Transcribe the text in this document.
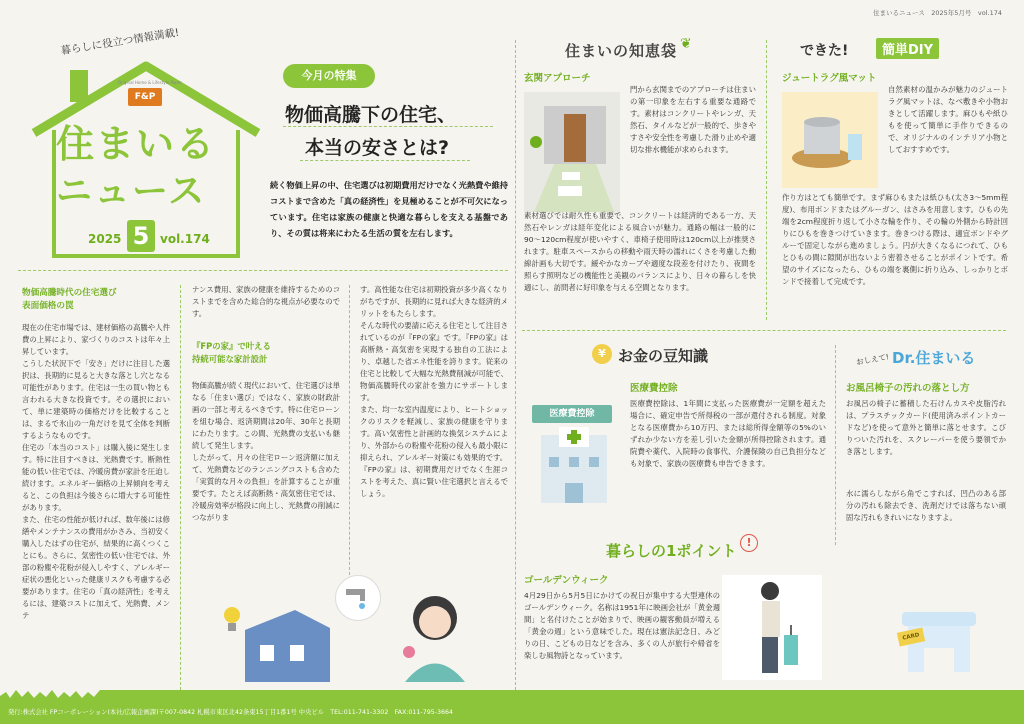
暮らしに役立つ情報満載!
Original Home & Lifestyle Paper
F&P
住まいる
ニュース
2025 5 vol.174
住まいるニュース　2025年5月号　vol.174
今月の特集
物価高騰下の住宅、
本当の安さとは?
続く物価上昇の中、住宅選びは初期費用だけでなく光熱費や維持コストまで含めた「真の経済性」を見極めることが不可欠になっています。住宅は家族の健康と快適な暮らしを支える基盤であり、その質は将来にわたる生活の質を左右します。
物価高騰時代の住宅選び
表面価格の罠
現在の住宅市場では、建材価格の高騰や人件費の上昇により、家づくりのコストは年々上昇しています。
こうした状況下で「安さ」だけに注目した選択は、長期的に見ると大きな落とし穴となる可能性があります。住宅は一生の買い物とも言われる大きな投資です。その選択において、単に建築時の価格だけを比較することは、まるで氷山の一角だけを見て全体を判断するようなものです。
住宅の「本当のコスト」は購入後に発生します。特に注目すべきは、光熱費です。断熱性能の低い住宅では、冷暖房費が家計を圧迫し続けます。エネルギー価格の上昇傾向を考えると、この負担は今後さらに増大する可能性があります。
また、住宅の性能が低ければ、数年後には修繕やメンテナンスの費用がかさみ、当初安く購入したはずの住宅が、結果的に高くつくことにも。さらに、気密性の低い住宅では、外部の粉塵や花粉が侵入しやすく、アレルギー症状の悪化といった健康リスクも考慮する必要があります。住宅の「真の経済性」を考えるには、建築コストに加えて、光熱費、メンテ
ナンス費用、家族の健康を維持するためのコストまでを含めた総合的な視点が必要なのです。
『FPの家』で叶える
持続可能な家計設計
物価高騰が続く現代において、住宅選びは単なる「住まい選び」ではなく、家族の財政計画の一部と考えるべきです。特に住宅ローンを組む場合、返済期間は20年、30年と長期にわたります。この間、光熱費の支払いも継続して発生します。
したがって、月々の住宅ローン返済額に加えて、光熱費などのランニングコストも含めた「実質的な月々の負担」を計算することが重要です。たとえば高断熱・高気密住宅では、冷暖房効率が格段に向上し、光熱費の削減につながりま
す。高性能な住宅は初期投資が多少高くなりがちですが、長期的に見れば大きな経済的メリットをもたらします。
そんな時代の要請に応える住宅として注目されているのが『FPの家』です。『FPの家』は高断熱・高気密を実現する独自の工法により、卓越した省エネ性能を誇ります。従来の住宅と比較して大幅な光熱費削減が可能で、物価高騰時代の家計を強力にサポートします。
また、均一な室内温度により、ヒートショックのリスクを軽減し、家族の健康を守ります。高い気密性と計画的な換気システムにより、外部からの粉塵や花粉の侵入も最小限に抑えられ、アレルギー対策にも効果的です。
『FPの家』は、初期費用だけでなく生涯コストを考えた、真に賢い住宅選択と言えるでしょう。
住まいの知恵袋 ❦
玄関アプローチ
門から玄関までのアプローチは住まいの第一印象を左右する重要な通路です。素材はコンクリートやレンガ、天然石、タイルなどが一般的で、歩きやすさや安全性を考慮した滑り止めや適切な排水機能が求められます。
素材選びでは耐久性も重要で、コンクリートは経済的である一方、天然石やレンガは経年変化による風合いが魅力。通路の幅は一般的に90〜120cm程度が使いやすく、車椅子使用時は120cm以上が推奨されます。駐車スペースからの移動や雨天時の濡れにくさを考慮した動線計画も大切です。緩やかなカーブや適度な段差を付けたり、夜間を照らす照明などの機能性と美観のバランスにより、日々の暮らしを快適にし、訪問者に好印象を与える空間となります。
できた!	簡単DIY
ジュートラグ風マット
自然素材の温かみが魅力のジュートラグ風マットは、なべ敷きや小物おきとして活躍します。麻ひもや紙ひもを使って簡単に手作りできるので、オリジナルのインテリア小物としておすすめです。
作り方はとても簡単です。まず麻ひもまたは紙ひも(太さ3〜5mm程度)、布用ボンドまたはグルーガン、はさみを用意します。ひもの先端を2cm程度折り返して小さな輪を作り、その輪の外側から時計回りにひもを巻きつけていきます。巻きつける際は、適宜ボンドやグルーで固定しながら進めましょう。円が大きくなるにつれて、ひもとひもの間に隙間が出ないよう密着させることがポイントです。希望のサイズになったら、ひもの端を裏側に折り込み、しっかりとボンドで接着して完成です。
¥ お金の豆知識
医療費控除
医療費控除
医療費控除は、1年間に支払った医療費が一定額を超えた場合に、確定申告で所得税の一部が還付される制度。対象となる医療費から10万円、または総所得金額等の5%のいずれか少ない方を差し引いた金額が所得控除されます。通院費や薬代、入院時の食事代、介護保険の自己負担分なども対象で、家族の医療費も申告できます。
おしえて! Dr.住まいる
お風呂椅子の汚れの落とし方
お風呂の椅子に蓄積した石けんカスや皮脂汚れは、プラスチックカード(使用済みポイントカードなど)を使って意外と簡単に落とせます。こびりついた汚れを、スクレーパーを使う要領でかき落とします。
水に濡らしながら角でこすれば、凹凸のある部分の汚れも除去でき、洗剤だけでは落ちない頑固な汚れもきれいになりますよ。
暮らしの1ポイント !
ゴールデンウィーク
4月29日から5月5日にかけての祝日が集中する大型連休のゴールデンウィーク。名称は1951年に映画会社が「黄金週間」と名付けたことが始まりで、映画の観客動員が増える「黄金の週」という意味でした。現在は憲法記念日、みどりの日、こどもの日などを含み、多くの人が旅行や帰省を楽しむ風物詩となっています。
CARD
発行:株式会社 FPコーポレーション(本社/広報企画課)〒007-0842 札幌市東区北42条東15丁目1番1号 中央ビル　TEL:011-741-3302　FAX:011-795-3664
